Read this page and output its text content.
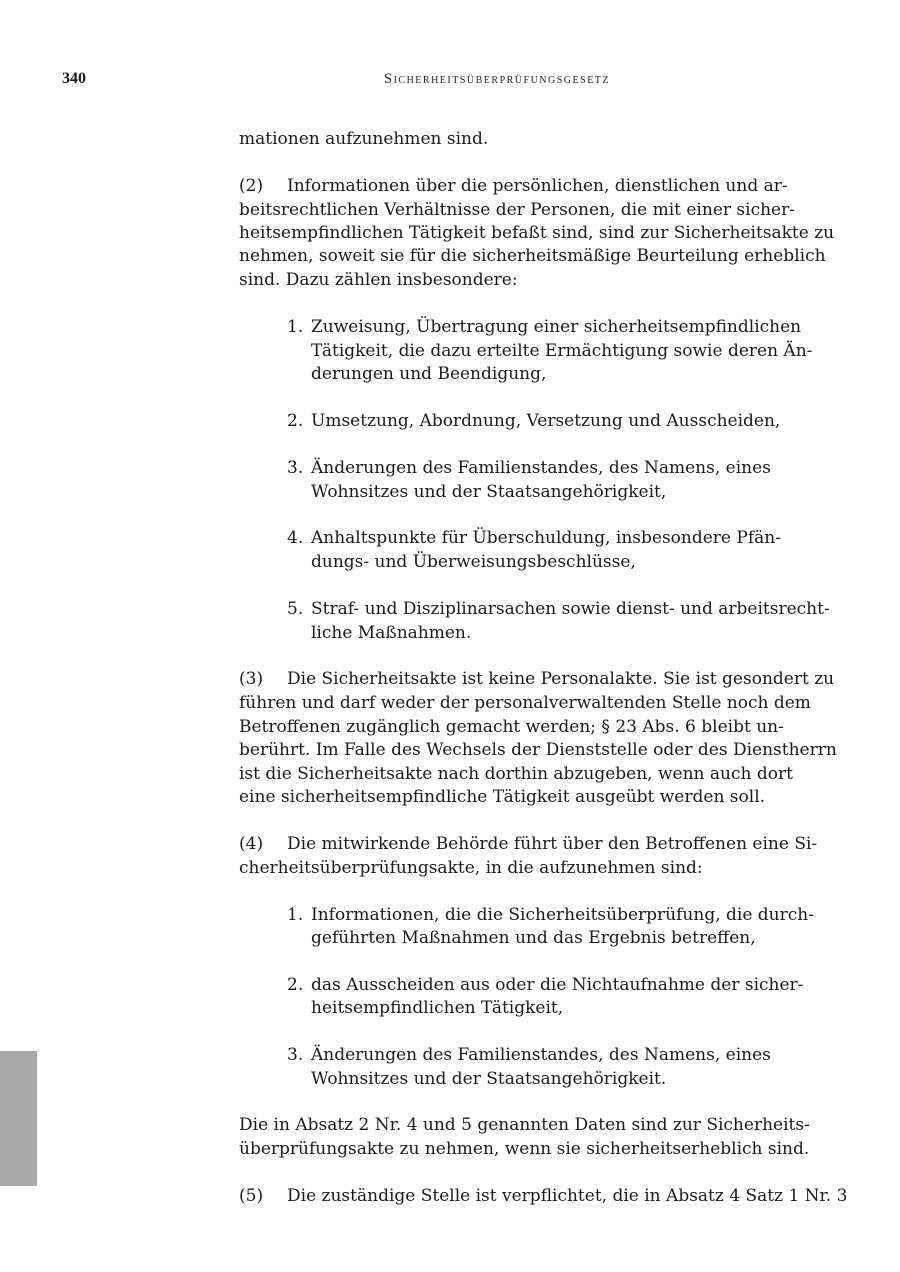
340	Sicherheitsüberprüfungsgesetz
mationen aufzunehmen sind.
(2) Informationen über die persönlichen, dienstlichen und ar-
beitsrechtlichen Verhältnisse der Personen, die mit einer sicher-
heitsempfindlichen Tätigkeit befaßt sind, sind zur Sicherheitsakte zu
nehmen, soweit sie für die sicherheitsmäßige Beurteilung erheblich
sind. Dazu zählen insbesondere:
1. Zuweisung, Übertragung einer sicherheitsempfindlichen
Tätigkeit, die dazu erteilte Ermächtigung sowie deren Än-
derungen und Beendigung,
2. Umsetzung, Abordnung, Versetzung und Ausscheiden,
3. Änderungen des Familienstandes, des Namens, eines
Wohnsitzes und der Staatsangehörigkeit,
4. Anhaltspunkte für Überschuldung, insbesondere Pfän-
dungs- und Überweisungsbeschlüsse,
5. Straf- und Disziplinarsachen sowie dienst- und arbeitsrecht-
liche Maßnahmen.
(3) Die Sicherheitsakte ist keine Personalakte. Sie ist gesondert zu
führen und darf weder der personalverwaltenden Stelle noch dem
Betroffenen zugänglich gemacht werden; § 23 Abs. 6 bleibt un-
berührt. Im Falle des Wechsels der Dienststelle oder des Dienstherrn
ist die Sicherheitsakte nach dorthin abzugeben, wenn auch dort
eine sicherheitsempfindliche Tätigkeit ausgeübt werden soll.
(4) Die mitwirkende Behörde führt über den Betroffenen eine Si-
cherheitsüberprüfungsakte, in die aufzunehmen sind:
1. Informationen, die die Sicherheitsüberprüfung, die durch-
geführten Maßnahmen und das Ergebnis betreffen,
2. das Ausscheiden aus oder die Nichtaufnahme der sicher-
heitsempfindlichen Tätigkeit,
3. Änderungen des Familienstandes, des Namens, eines
Wohnsitzes und der Staatsangehörigkeit.
Die in Absatz 2 Nr. 4 und 5 genannten Daten sind zur Sicherheits-
überprüfungsakte zu nehmen, wenn sie sicherheitserheblich sind.
(5) Die zuständige Stelle ist verpflichtet, die in Absatz 4 Satz 1 Nr. 3
